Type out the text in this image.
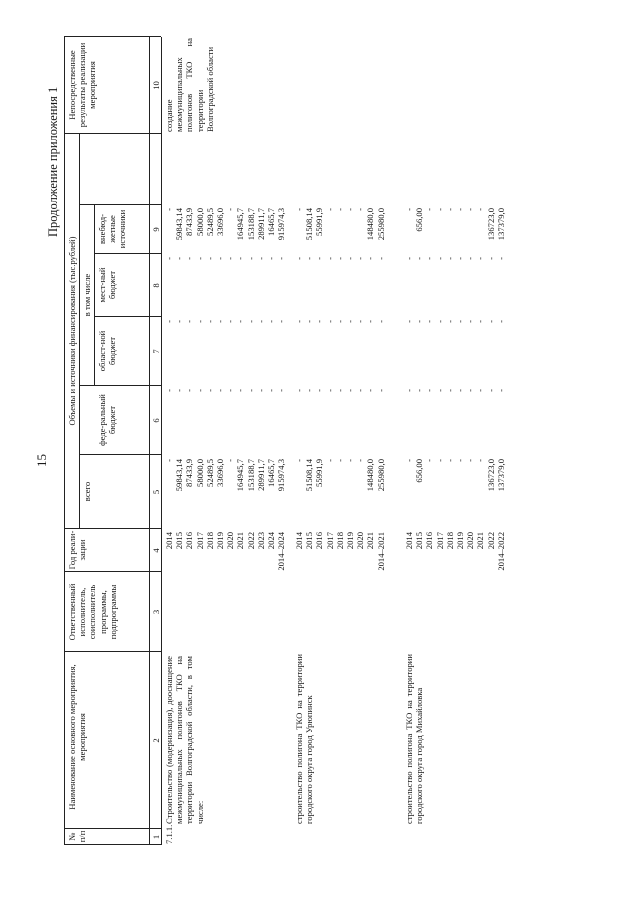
15
Продолжение приложения 1
№ п/п
Наименование основного мероприятия, мероприятия
Ответственный исполнитель, соисполнитель программы, подпрограммы
Год реали-зации
Объемы и источники финансирования (тыс.рублей)
всего
в том числе
феде-ральный бюджет
област-ной бюджет
мест-ный бюджет
внебюд-жетные источники
Непосредственные результаты реализации мероприятия
1
2
3
4
5
6
7
8
9
10
7.1.1.
Строительство (модернизация), дооснащение межмуниципальных полигонов ТКО на территории Волгоградской области, в том числе:
создание межмуниципальных полигонов ТКО на территории Волгоградской области
2014
-
-
-
-
-
2015
59843,14
-
-
-
59843,14
2016
87433,9
-
-
-
87433,9
2017
58000,0
-
-
-
58000,0
2018
52489,5
-
-
-
52489,5
2019
33696,0
-
-
-
33696,0
2020
-
-
-
-
-
2021
164945,7
-
-
-
164945,7
2022
153188,7
-
-
-
153188,7
2023
289911,7
-
-
-
289911,7
2024
16465,7
-
-
-
16465,7
2014–2024
915974,3
-
-
-
915974,3
строительство полигона ТКО на территории городского округа город Урюпинск
2014
-
-
-
-
-
2015
51508,14
-
-
-
51508,14
2016
55991,9
-
-
-
55991,9
2017
-
-
-
-
-
2018
-
-
-
-
-
2019
-
-
-
-
-
2020
-
-
-
-
-
2021
148480,0
-
-
-
148480,0
2014–2021
255980,0
-
-
-
255980,0
строительство полигона ТКО на территории городского округа город Михайловка
2014
-
-
-
-
-
2015
656,00
-
-
-
656,00
2016
-
-
-
-
-
2017
-
-
-
-
-
2018
-
-
-
-
-
2019
-
-
-
-
-
2020
-
-
-
-
-
2021
-
-
-
-
-
2022
136723,0
-
-
-
136723,0
2014–2022
137379,0
-
-
-
137379,0
